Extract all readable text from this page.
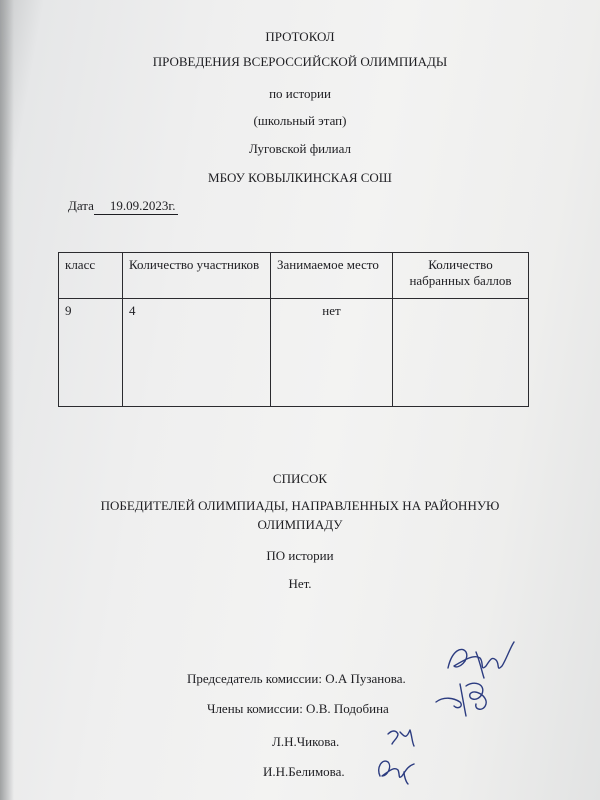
ПРОТОКОЛ
ПРОВЕДЕНИЯ ВСЕРОССИЙСКОЙ ОЛИМПИАДЫ
по истории
(школьный этап)
Луговской филиал
МБОУ КОВЫЛКИНСКАЯ СОШ
Дата 19.09.2023г.
класс	Количество участников	Занимаемое место	Количество набранных баллов
9	4	нет	
СПИСОК
ПОБЕДИТЕЛЕЙ ОЛИМПИАДЫ, НАПРАВЛЕННЫХ НА РАЙОННУЮ
ОЛИМПИАДУ
ПО истории
Нет.
Председатель комиссии: О.А Пузанова.
Члены комиссии: О.В. Подобина
Л.Н.Чикова.
И.Н.Белимова.
